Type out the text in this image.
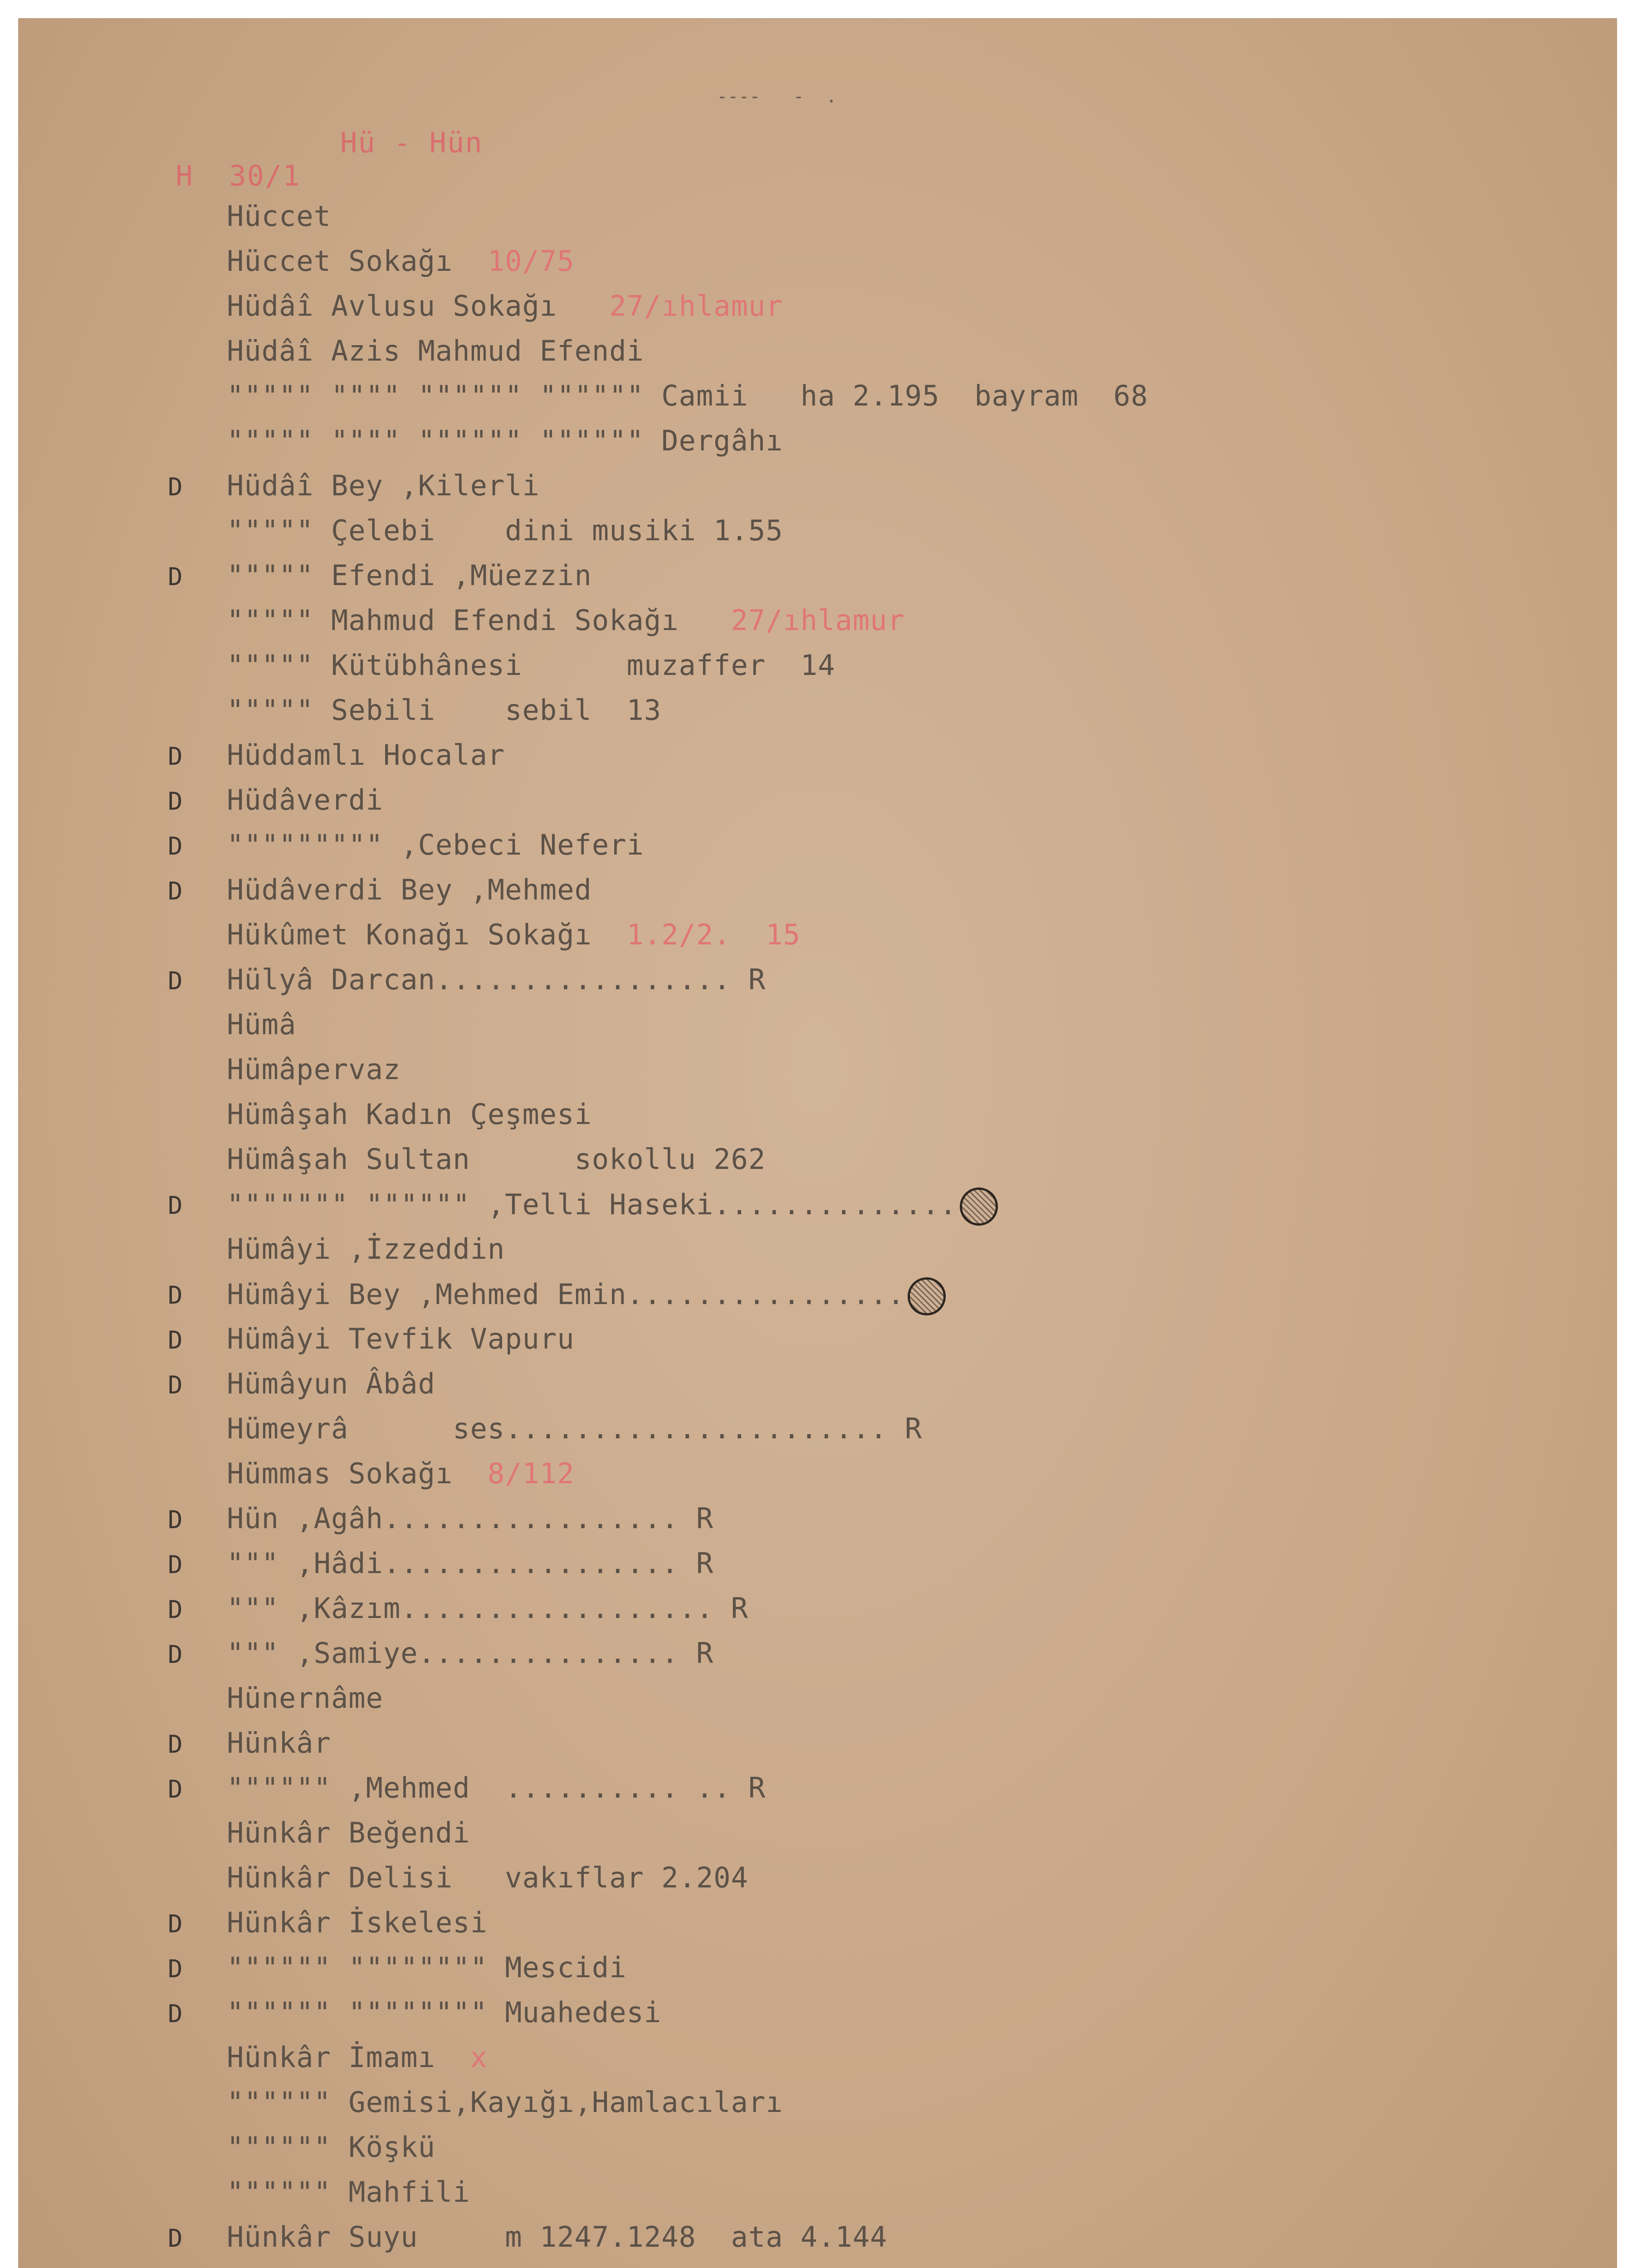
----   -  .

H  30/1

Hü - Hün

Hüccet
Hüccet Sokağı  10/75
Hüdâî Avlusu Sokağı   27/ıhlamur
Hüdâî Azis Mahmud Efendi
""""" """" """""" """""" Camii   ha 2.195  bayram  68
""""" """" """""" """""" Dergâhı
D Hüdâî Bey ,Kilerli
""""" Çelebi    dini musiki 1.55
D """"" Efendi ,Müezzin
""""" Mahmud Efendi Sokağı   27/ıhlamur
""""" Kütübhânesi      muzaffer  14
""""" Sebili    sebil  13
D Hüddamlı Hocalar
D Hüdâverdi
D """"""""" ,Cebeci Neferi
D Hüdâverdi Bey ,Mehmed
Hükûmet Konağı Sokağı  1.2/2.  15
D Hülyâ Darcan................. R
Hümâ
Hümâpervaz
Hümâşah Kadın Çeşmesi
Hümâşah Sultan      sokollu 262
D """"""" """""" ,Telli Haseki..............
Hümâyi ,İzzeddin
D Hümâyi Bey ,Mehmed Emin................
D Hümâyi Tevfik Vapuru
D Hümâyun Âbâd
Hümeyrâ      ses...................... R
Hümmas Sokağı  8/112
D Hün ,Agâh................. R
D """ ,Hâdi................. R
D """ ,Kâzım.................. R
D """ ,Samiye............... R
Hünernâme
D Hünkâr
D """""" ,Mehmed  .......... .. R
Hünkâr Beğendi
Hünkâr Delisi   vakıflar 2.204
D Hünkâr İskelesi
D """""" """""""" Mescidi
D """""" """""""" Muahedesi
Hünkâr İmamı  x
"""""" Gemisi,Kayığı,Hamlacıları
"""""" Köşkü
"""""" Mahfili
D Hünkâr Suyu     m 1247.1248  ata 4.144
